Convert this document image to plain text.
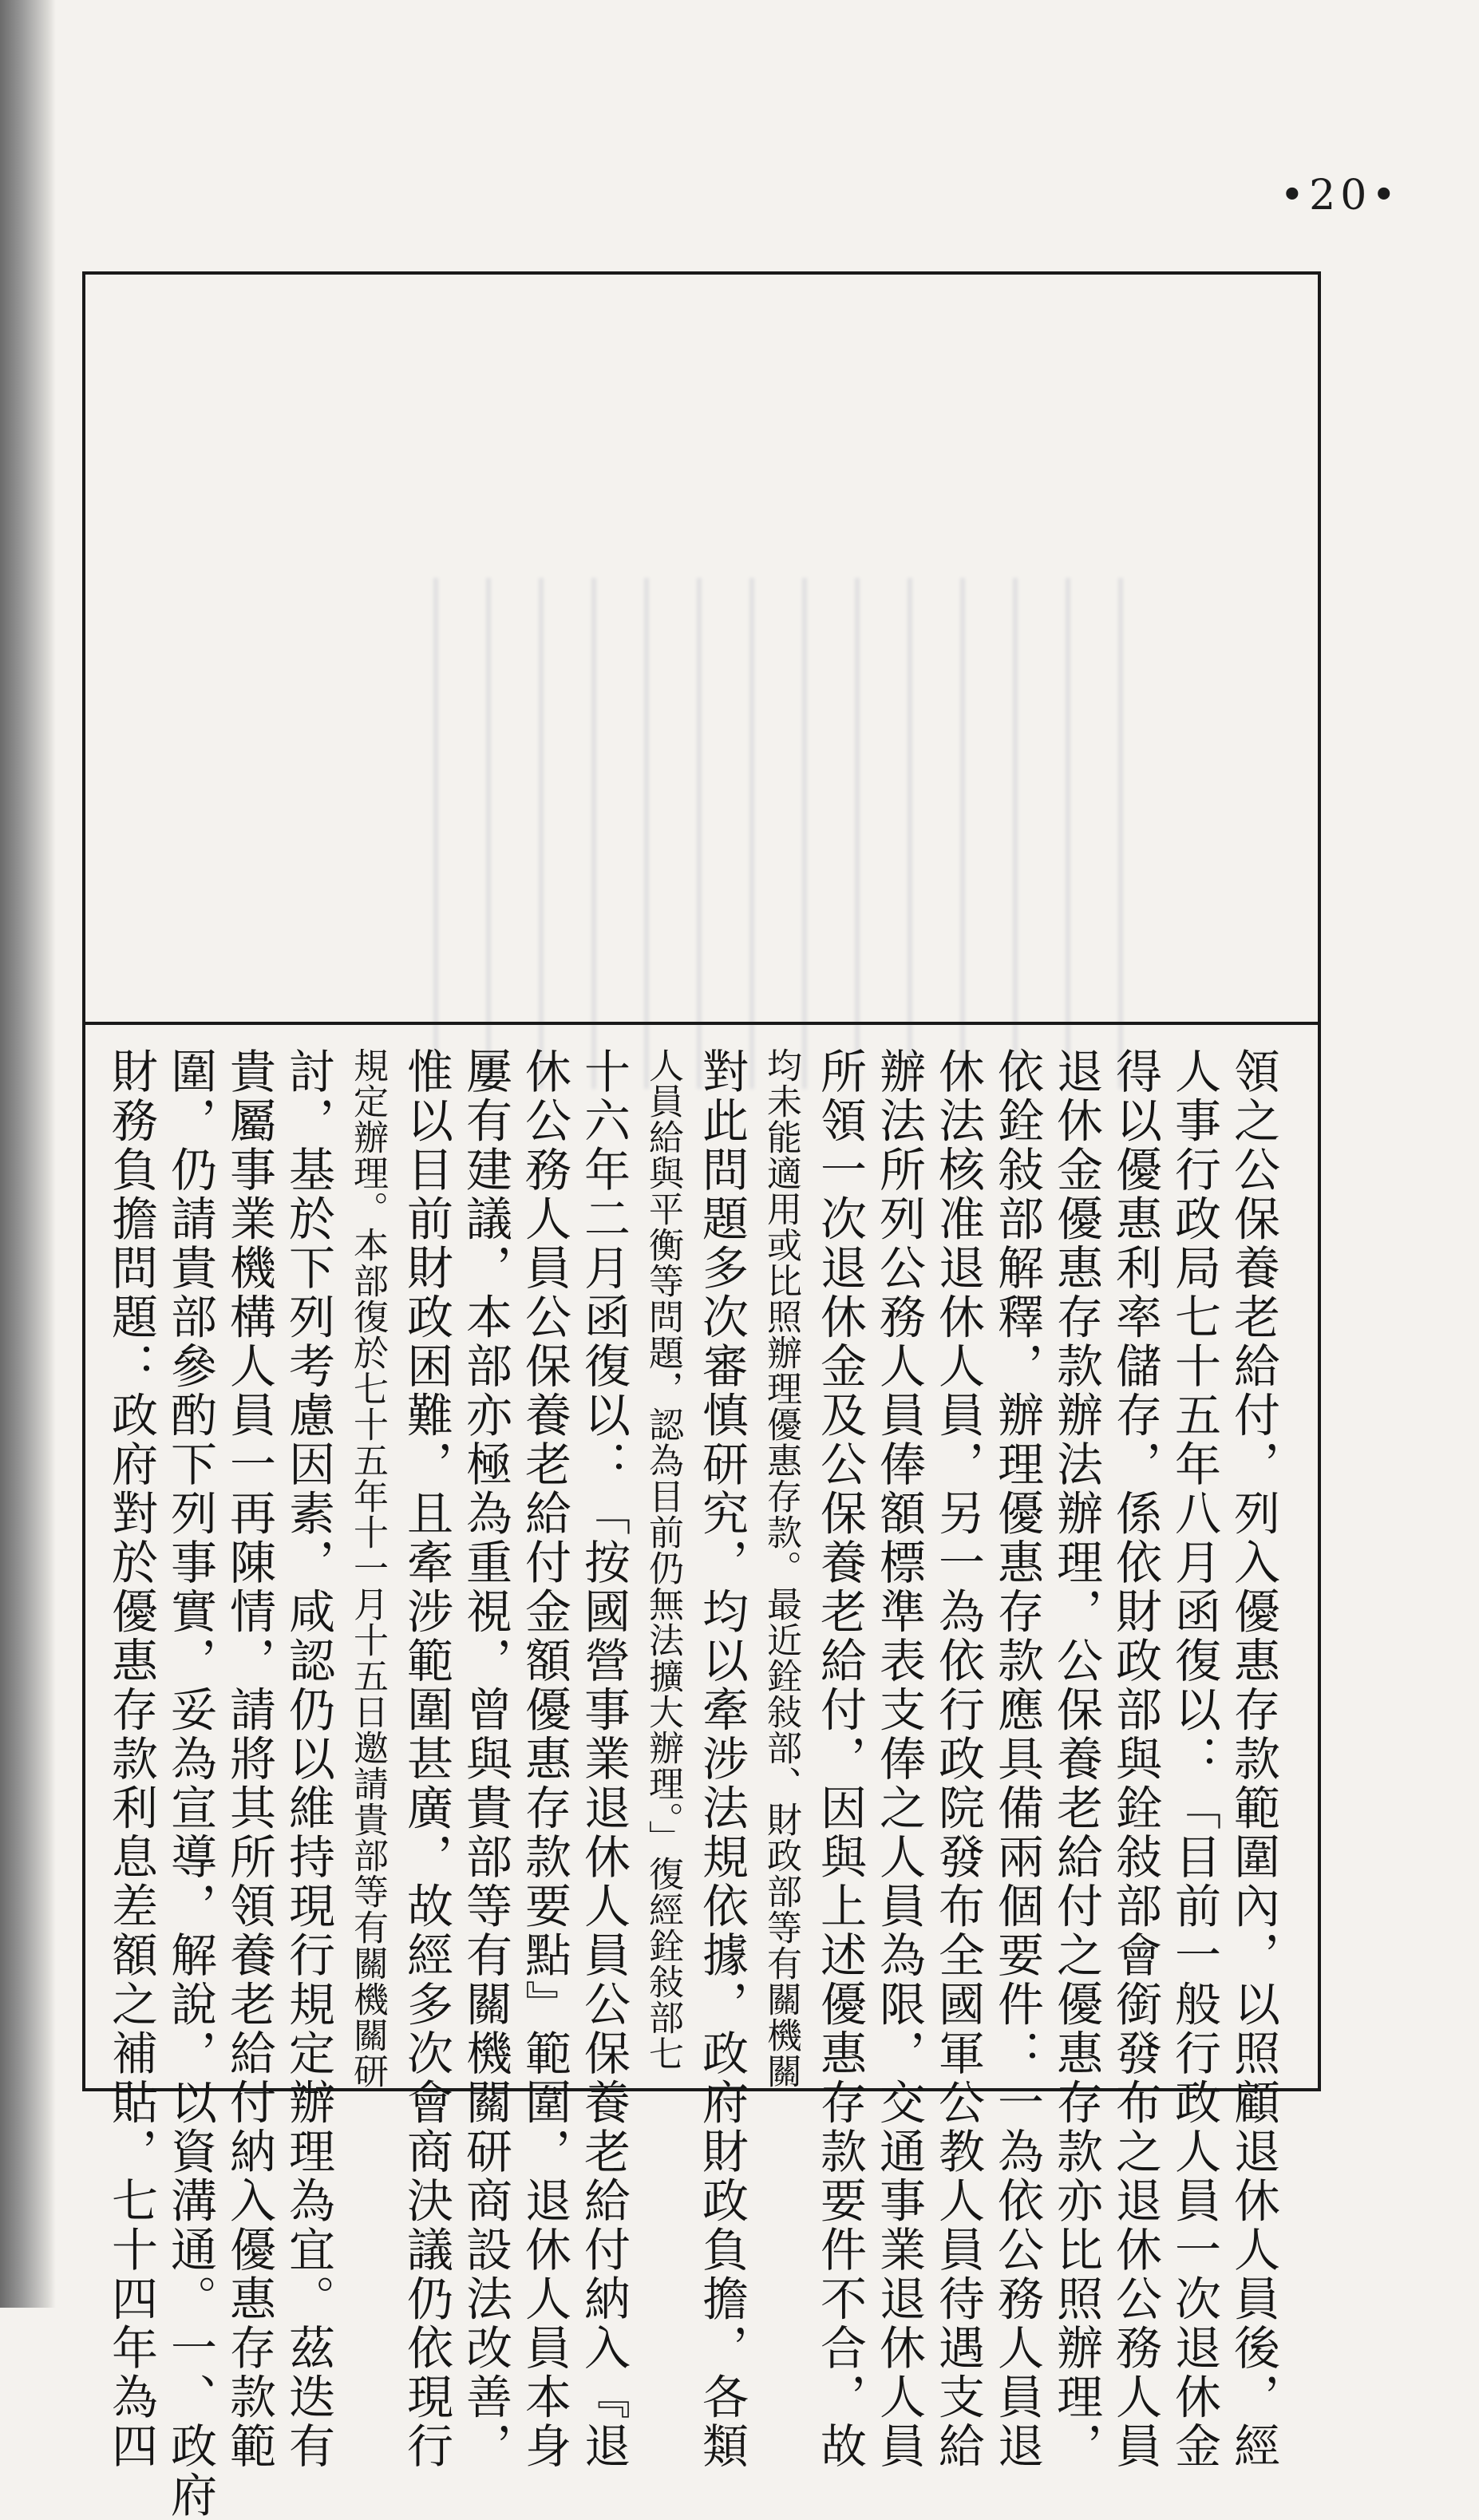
•20•
領之公保養老給付，列入優惠存款範圍內，以照顧退休人員後，經
人事行政局七十五年八月函復以：「目前一般行政人員一次退休金
得以優惠利率儲存，係依財政部與銓敍部會銜發布之退休公務人員
退休金優惠存款辦法辦理，公保養老給付之優惠存款亦比照辦理，
依銓敍部解釋，辦理優惠存款應具備兩個要件：一為依公務人員退
休法核准退休人員，另一為依行政院發布全國軍公教人員待遇支給
辦法所列公務人員俸額標準表支俸之人員為限，交通事業退休人員
所領一次退休金及公保養老給付，因與上述優惠存款要件不合，故
均未能適用或比照辦理優惠存款。最近銓敍部、財政部等有關機關
對此問題多次審慎研究，均以牽涉法規依據，政府財政負擔，各類
人員給與平衡等問題，認為目前仍無法擴大辦理。」復經銓敍部七
十六年二月函復以：「按國營事業退休人員公保養老給付納入『退
休公務人員公保養老給付金額優惠存款要點』範圍，退休人員本身
屢有建議，本部亦極為重視，曾與貴部等有關機關研商設法改善，
惟以目前財政困難，且牽涉範圍甚廣，故經多次會商決議仍依現行
規定辦理。本部復於七十五年十一月十五日邀請貴部等有關機關研
討，基於下列考慮因素，咸認仍以維持現行規定辦理為宜。茲迭有
貴屬事業機構人員一再陳情，請將其所領養老給付納入優惠存款範
圍，仍請貴部參酌下列事實，妥為宣導，解說，以資溝通。一、政府
財務負擔問題：政府對於優惠存款利息差額之補貼，七十四年為四
